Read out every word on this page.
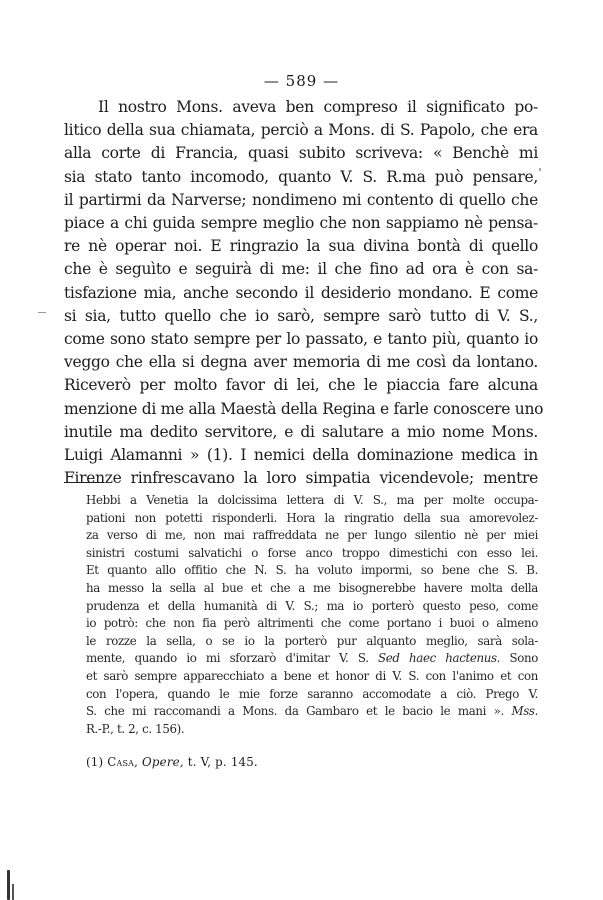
— 589 —
Il nostro Mons. aveva ben compreso il significato po-
litico della sua chiamata, perciò a Mons. di S. Papolo, che era
alla corte di Francia, quasi subito scriveva: « Benchè mi
sia stato tanto incomodo, quanto V. S. R.ma può pensare,
il partirmi da Narverse; nondimeno mi contento di quello che
piace a chi guida sempre meglio che non sappiamo nè pensa-
re nè operar noi. E ringrazio la sua divina bontà di quello
che è seguìto e seguirà di me: il che fino ad ora è con sa-
tisfazione mia, anche secondo il desiderio mondano. E come
si sia, tutto quello che io sarò, sempre sarò tutto di V. S.,
come sono stato sempre per lo passato, e tanto più, quanto io
veggo che ella si degna aver memoria di me così da lontano.
Riceverò per molto favor di lei, che le piaccia fare alcuna
menzione di me alla Maestà della Regina e farle conoscere uno
inutile ma dedito servitore, e di salutare a mio nome Mons.
Luigi Alamanni » (1). I nemici della dominazione medica in
Firenze rinfrescavano la loro simpatia vicendevole; mentre
Hebbi a Venetia la dolcissima lettera di V. S., ma per molte occupa-
pationi non potetti risponderli. Hora la ringratio della sua amorevolez-
za verso di me, non mai raffreddata ne per lungo silentio nè per miei
sinistri costumi salvatichi o forse anco troppo dimestichi con esso lei.
Et quanto allo offitio che N. S. ha voluto impormi, so bene che S. B.
ha messo la sella al bue et che a me bisognerebbe havere molta della
prudenza et della humanità di V. S.; ma io porterò questo peso, come
io potrò: che non fia però altrimenti che come portano i buoi o almeno
le rozze la sella, o se io la porterò pur alquanto meglio, sarà sola-
mente, quando io mi sforzarò d'imitar V. S. Sed haec hactenus. Sono
et sarò sempre apparecchiato a bene et honor di V. S. con l'animo et con
con l'opera, quando le mie forze saranno accomodate a ciò. Prego V.
S. che mi raccomandi a Mons. da Gambaro et le bacio le mani ». Mss.
R.-P., t. 2, c. 156).
(1) Casa, Opere, t. V, p. 145.
